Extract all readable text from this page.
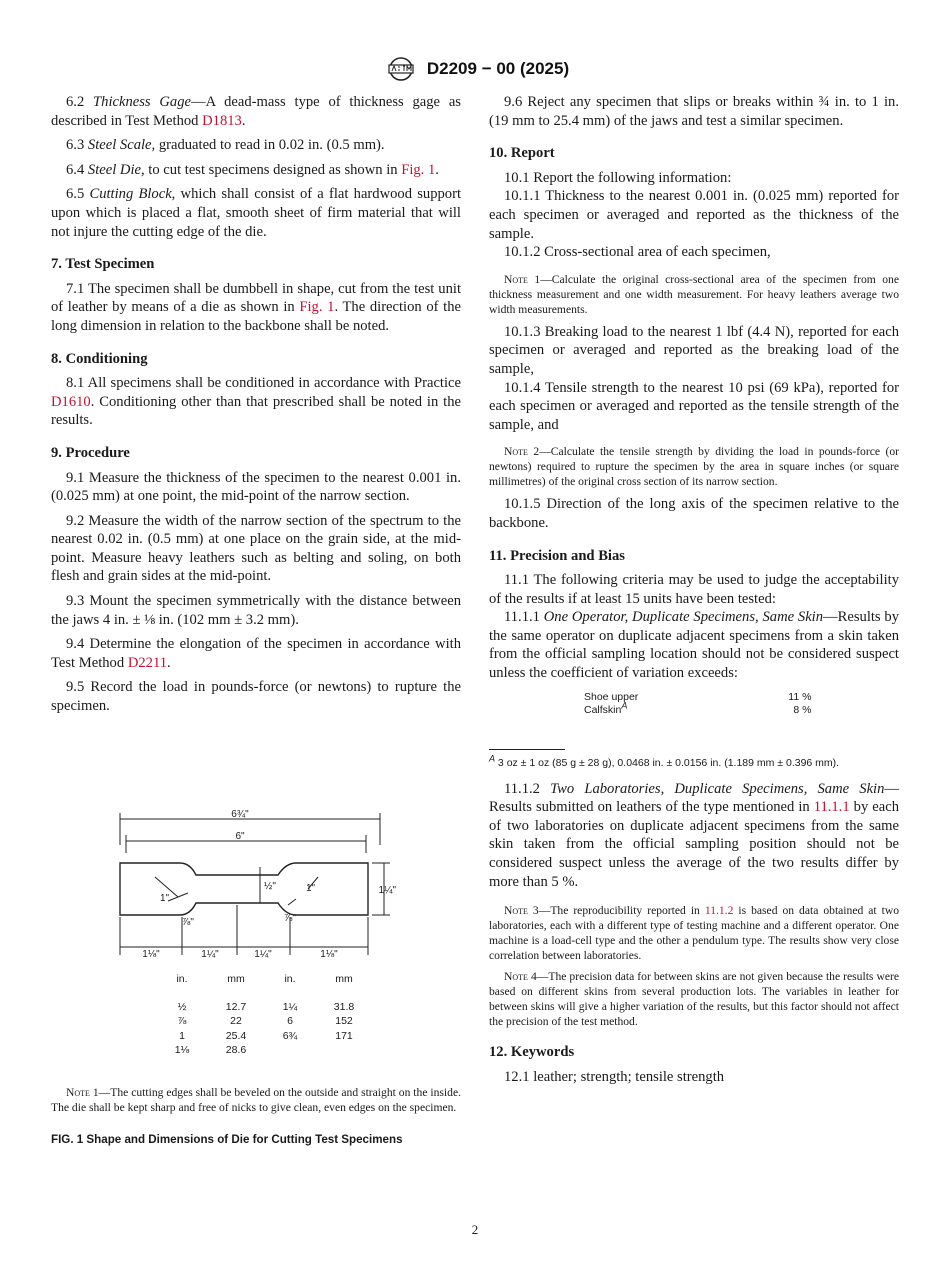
D2209 − 00 (2025)

6.2 Thickness Gage—A dead-mass type of thickness gage as described in Test Method D1813.

6.3 Steel Scale, graduated to read in 0.02 in. (0.5 mm).

6.4 Steel Die, to cut test specimens designed as shown in Fig. 1.

6.5 Cutting Block, which shall consist of a flat hardwood support upon which is placed a flat, smooth sheet of firm material that will not injure the cutting edge of the die.

7. Test Specimen

7.1 The specimen shall be dumbbell in shape, cut from the test unit of leather by means of a die as shown in Fig. 1. The direction of the long dimension in relation to the backbone shall be noted.

8. Conditioning

8.1 All specimens shall be conditioned in accordance with Practice D1610. Conditioning other than that prescribed shall be noted in the results.

9. Procedure

9.1 Measure the thickness of the specimen to the nearest 0.001 in. (0.025 mm) at one point, the mid-point of the narrow section.

9.2 Measure the width of the narrow section of the spectrum to the nearest 0.02 in. (0.5 mm) at one place on the grain side, at the mid-point. Measure heavy leathers such as belting and soling, on both flesh and grain sides at the mid-point.

9.3 Mount the specimen symmetrically with the distance between the jaws 4 in. ± ⅛ in. (102 mm ± 3.2 mm).

9.4 Determine the elongation of the specimen in accordance with Test Method D2211.

9.5 Record the load in pounds-force (or newtons) to rupture the specimen.

6¾"
6"
1¼"
½"
1"
1"
⅞"	⅞"
1⅛"	1¼"	1¼"	1⅛"
in.	mm	in.	mm
½	12.7	1¼	31.8
⅞	22	6	152
1	25.4	6¾	171
1⅛	28.6		

Note 1—The cutting edges shall be beveled on the outside and straight on the inside. The die shall be kept sharp and free of nicks to give clean, even edges on the specimen.

FIG. 1 Shape and Dimensions of Die for Cutting Test Specimens

9.6 Reject any specimen that slips or breaks within ¾ in. to 1 in. (19 mm to 25.4 mm) of the jaws and test a similar specimen.

10. Report

10.1 Report the following information:

10.1.1 Thickness to the nearest 0.001 in. (0.025 mm) reported for each specimen or averaged and reported as the thickness of the sample.

10.1.2 Cross-sectional area of each specimen,

Note 1—Calculate the original cross-sectional area of the specimen from one thickness measurement and one width measurement. For heavy leathers average two width measurements.

10.1.3 Breaking load to the nearest 1 lbf (4.4 N), reported for each specimen or averaged and reported as the breaking load of the sample,

10.1.4 Tensile strength to the nearest 10 psi (69 kPa), reported for each specimen or averaged and reported as the tensile strength of the sample, and

Note 2—Calculate the tensile strength by dividing the load in pounds-force (or newtons) required to rupture the specimen by the area in square inches (or square millimetres) of the original cross section of its narrow section.

10.1.5 Direction of the long axis of the specimen relative to the backbone.

11. Precision and Bias

11.1 The following criteria may be used to judge the acceptability of the results if at least 15 units have been tested:

11.1.1 One Operator, Duplicate Specimens, Same Skin—Results by the same operator on duplicate adjacent specimens from a skin taken from the official sampling location should not be considered suspect unless the coefficient of variation exceeds:

Shoe upper	11 %
Calfskin$^A$	8 %
$^A$ 3 oz ± 1 oz (85 g ± 28 g), 0.0468 in. ± 0.0156 in. (1.189 mm ± 0.396 mm).

11.1.2 Two Laboratories, Duplicate Specimens, Same Skin—Results submitted on leathers of the type mentioned in 11.1.1 by each of two laboratories on duplicate adjacent specimens from the same skin taken from the official sampling position should not be considered suspect unless the average of the two results differ by more than 5 %.

Note 3—The reproducibility reported in 11.1.2 is based on data obtained at two laboratories, each with a different type of testing machine and a different operator. One machine is a load-cell type and the other a pendulum type. The results show very close correlation between laboratories.
Note 4—The precision data for between skins are not given because the results were based on different skins from several production lots. The variables in leather for between skins will give a higher variation of the results, but this factor should not affect the precision of the test method.
12. Keywords

12.1 leather; strength; tensile strength

2
